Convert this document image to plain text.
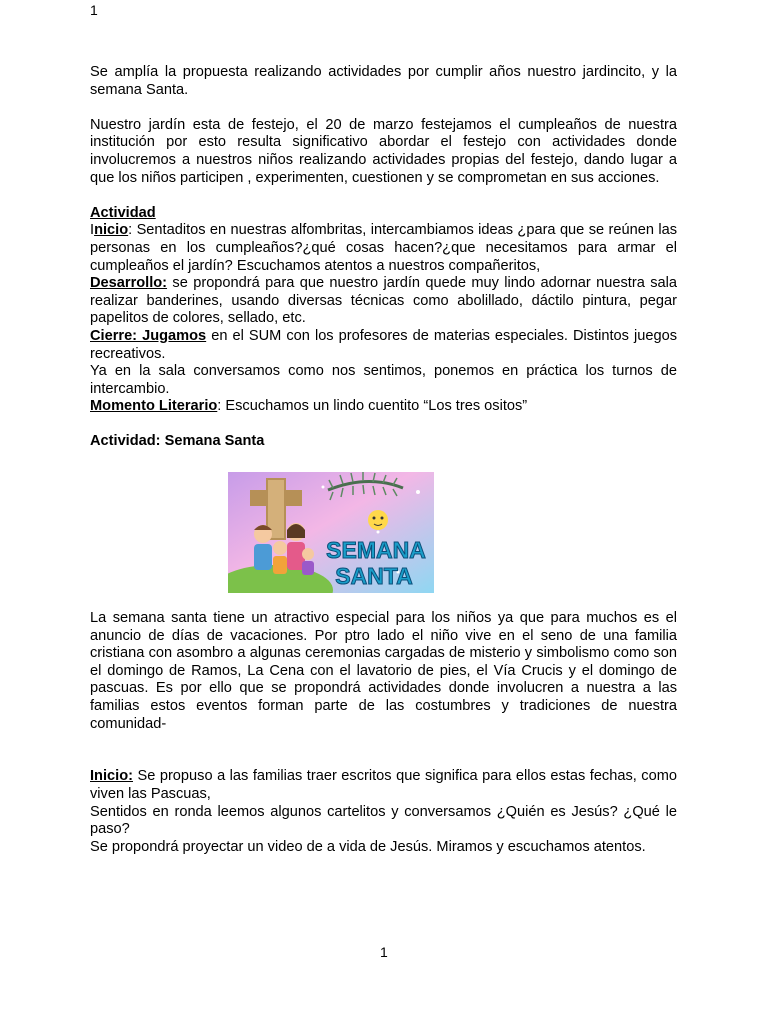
1

Se amplía la propuesta realizando actividades por cumplir años nuestro jardincito, y la semana Santa.

Nuestro jardín esta de festejo, el 20 de marzo festejamos el cumpleaños de nuestra institución por esto resulta significativo abordar el festejo con actividades donde involucremos a nuestros niños realizando actividades propias del festejo, dando lugar a que los niños participen , experimenten, cuestionen y se comprometan en sus acciones.

Actividad

Inicio: Sentaditos en nuestras alfombritas, intercambiamos ideas ¿para que se reúnen las personas en los cumpleaños?¿qué cosas hacen?¿que necesitamos para armar el cumpleaños el jardín? Escuchamos atentos a nuestros compañeritos,

Desarrollo: se propondrá para que nuestro jardín quede muy lindo adornar nuestra sala realizar banderines, usando diversas técnicas como abolillado, dáctilo pintura, pegar papelitos de colores, sellado, etc.

Cierre: Jugamos en el SUM con los profesores de materias especiales. Distintos juegos recreativos.

Ya en la sala conversamos como nos sentimos, ponemos en práctica los turnos de intercambio.

Momento Literario: Escuchamos un lindo cuentito “Los tres ositos”

Actividad: Semana Santa

SEMANA
SANTA

La semana santa tiene un atractivo especial para los niños ya que para muchos es el anuncio de días de vacaciones. Por ptro lado el niño vive en el seno de una familia cristiana con asombro a algunas ceremonias cargadas de misterio y simbolismo como son el domingo de Ramos, La Cena con el lavatorio de pies, el Vía Crucis y el domingo de pascuas. Es por ello que se propondrá actividades donde involucren a nuestra a las familias estos eventos forman parte de las costumbres y tradiciones de nuestra comunidad-

Inicio: Se propuso a las familias traer escritos que significa para ellos estas fechas, como viven las Pascuas,

Sentidos en ronda leemos algunos cartelitos y conversamos ¿Quién es Jesús? ¿Qué le paso?

Se propondrá proyectar un video de a vida de Jesús. Miramos y escuchamos atentos.

1
